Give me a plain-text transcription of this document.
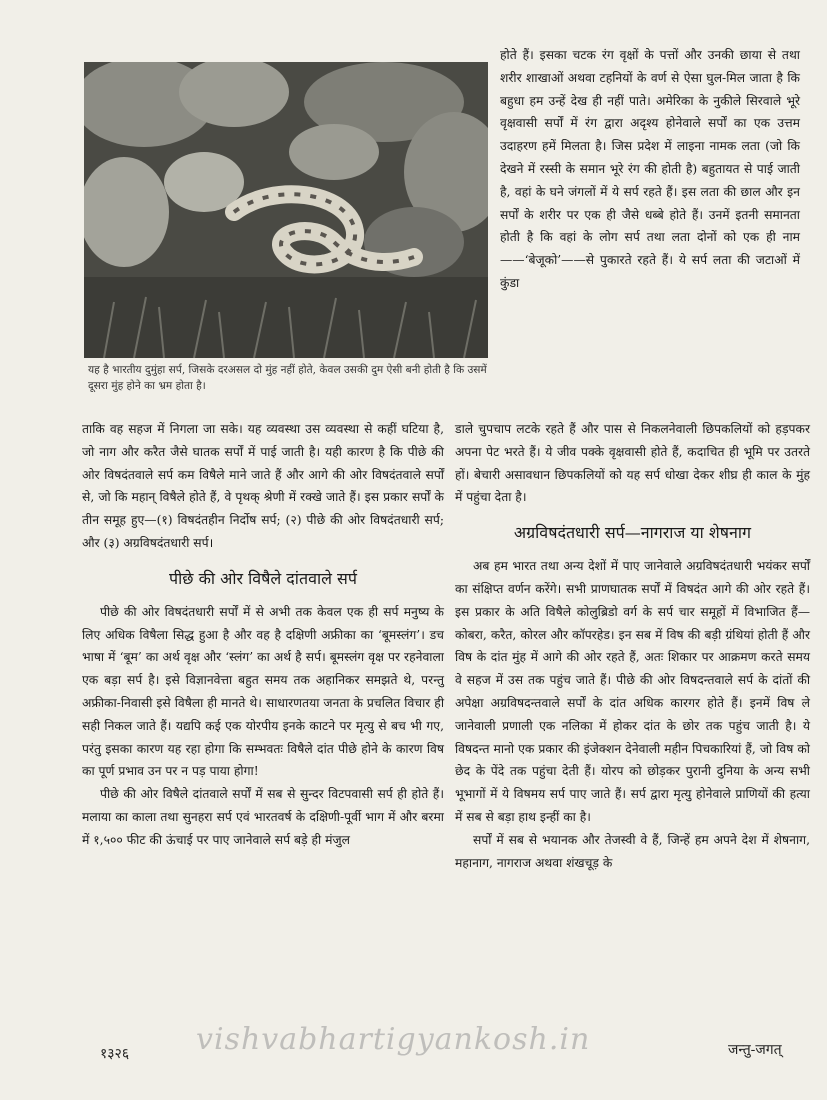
यह है भारतीय दुमुंहा सर्प, जिसके दरअसल दो मुंह नहीं होते, केवल उसकी दुम ऐसी बनी होती है कि उसमें दूसरा मुंह होने का भ्रम होता है।

होते हैं। इसका चटक रंग वृक्षों के पत्तों और उनकी छाया से तथा शरीर शाखाओं अथवा टहनियों के वर्ण से ऐसा घुल-मिल जाता है कि बहुधा हम उन्हें देख ही नहीं पाते। अमेरिका के नुकीले सिरवाले भूरे वृक्षवासी सर्पों में रंग द्वारा अदृश्य होनेवाले सर्पों का एक उत्तम उदाहरण हमें मिलता है। जिस प्रदेश में लाइना नामक लता (जो कि देखने में रस्सी के समान भूरे रंग की होती है) बहुतायत से पाई जाती है, वहां के घने जंगलों में ये सर्प रहते हैं। इस लता की छाल और इन सर्पों के शरीर पर एक ही जैसे धब्बे होते हैं। उनमें इतनी समानता होती है कि वहां के लोग सर्प तथा लता दोनों को एक ही नाम——‘बेजूको’——से पुकारते रहते हैं। ये सर्प लता की जटाओं में कुंडा

ताकि वह सहज में निगला जा सके। यह व्यवस्था उस व्यवस्था से कहीं घटिया है, जो नाग और करैत जैसे घातक सर्पों में पाई जाती है। यही कारण है कि पीछे की ओर विषदंतवाले सर्प कम विषैले माने जाते हैं और आगे की ओर विषदंतवाले सर्पों से, जो कि महान् विषैले होते हैं, वे पृथक् श्रेणी में रक्खे जाते हैं। इस प्रकार सर्पों के तीन समूह हुए—(१) विषदंतहीन निर्दोष सर्प; (२) पीछे की ओर विषदंतधारी सर्प; और (३) अग्रविषदंतधारी सर्प।

पीछे की ओर विषैले दांतवाले सर्प

पीछे की ओर विषदंतधारी सर्पों में से अभी तक केवल एक ही सर्प मनुष्य के लिए अधिक विषैला सिद्ध हुआ है और वह है दक्षिणी अफ्रीका का ‘बूमस्लंग’। डच भाषा में ‘बूम’ का अर्थ वृक्ष और ‘स्लंग’ का अर्थ है सर्प। बूमस्लंग वृक्ष पर रहनेवाला एक बड़ा सर्प है। इसे विज्ञानवेत्ता बहुत समय तक अहानिकर समझते थे, परन्तु अफ्रीका-निवासी इसे विषैला ही मानते थे। साधारणतया जनता के प्रचलित विचार ही सही निकल जाते हैं। यद्यपि कई एक योरपीय इनके काटने पर मृत्यु से बच भी गए, परंतु इसका कारण यह रहा होगा कि सम्भवतः विषैले दांत पीछे होने के कारण विष का पूर्ण प्रभाव उन पर न पड़ पाया होगा!

पीछे की ओर विषैले दांतवाले सर्पों में सब से सुन्दर विटपवासी सर्प ही होते हैं। मलाया का काला तथा सुनहरा सर्प एवं भारतवर्ष के दक्षिणी-पूर्वी भाग में और बरमा में १,५०० फीट की ऊंचाई पर पाए जानेवाले सर्प बड़े ही मंजुल

डाले चुपचाप लटके रहते हैं और पास से निकलनेवाली छिपकलियों को हड़पकर अपना पेट भरते हैं। ये जीव पक्के वृक्षवासी होते हैं, कदाचित ही भूमि पर उतरते हों। बेचारी असावधान छिपकलियों को यह सर्प धोखा देकर शीघ्र ही काल के मुंह में पहुंचा देता है।

अग्रविषदंतधारी सर्प—नागराज या शेषनाग

अब हम भारत तथा अन्य देशों में पाए जानेवाले अग्रविषदंतधारी भयंकर सर्पों का संक्षिप्त वर्णन करेंगे। सभी प्राणघातक सर्पों में विषदंत आगे की ओर रहते हैं। इस प्रकार के अति विषैले कोलुब्रिडो वर्ग के सर्प चार समूहों में विभाजित हैं—कोबरा, करैत, कोरल और कॉपरहेड। इन सब में विष की बड़ी ग्रंथियां होती हैं और विष के दांत मुंह में आगे की ओर रहते हैं, अतः शिकार पर आक्रमण करते समय वे सहज में उस तक पहुंच जाते हैं। पीछे की ओर विषदन्तवाले सर्प के दांतों की अपेक्षा अग्रविषदन्तवाले सर्पों के दांत अधिक कारगर होते हैं। इनमें विष ले जानेवाली प्रणाली एक नलिका में होकर दांत के छोर तक पहुंच जाती है। ये विषदन्त मानो एक प्रकार की इंजेक्शन देनेवाली महीन पिचकारियां हैं, जो विष को छेद के पेंदे तक पहुंचा देती हैं। योरप को छोड़कर पुरानी दुनिया के अन्य सभी भूभागों में ये विषमय सर्प पाए जाते हैं। सर्प द्वारा मृत्यु होनेवाले प्राणियों की हत्या में सब से बड़ा हाथ इन्हीं का है।

सर्पों में सब से भयानक और तेजस्वी वे हैं, जिन्हें हम अपने देश में शेषनाग, महानाग, नागराज अथवा शंखचूड़ के

१३२६ vishvabhartigyankosh.in	जन्तु-जगत्
